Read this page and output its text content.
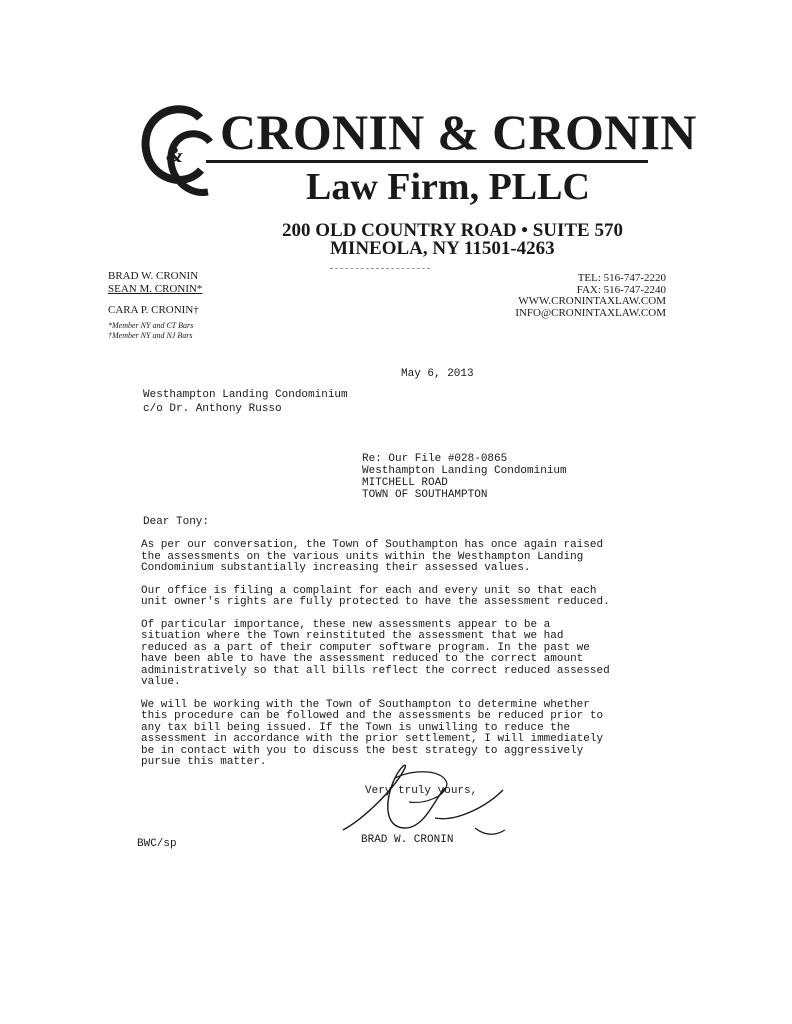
& CRONIN & CRONIN
Law Firm, PLLC
200 OLD COUNTRY ROAD • SUITE 570
MINEOLA, NY 11501-4263
BRAD W. CRONIN
SEAN M. CRONIN*
CARA P. CRONIN†
*Member NY and CT Bars
†Member NY and NJ Bars
TEL: 516-747-2220
FAX: 516-747-2240
WWW.CRONINTAXLAW.COM
INFO@CRONINTAXLAW.COM
May 6, 2013
Westhampton Landing Condominium
c/o Dr. Anthony Russo
Re: Our File #028-0865
Westhampton Landing Condominium
MITCHELL ROAD
TOWN OF SOUTHAMPTON
Dear Tony:

As per our conversation, the Town of Southampton has once again raised the assessments on the various units within the Westhampton Landing Condominium substantially increasing their assessed values.

Our office is filing a complaint for each and every unit so that each unit owner's rights are fully protected to have the assessment reduced.

Of particular importance, these new assessments appear to be a situation where the Town reinstituted the assessment that we had reduced as a part of their computer software program. In the past we have been able to have the assessment reduced to the correct amount administratively so that all bills reflect the correct reduced assessed value.

We will be working with the Town of Southampton to determine whether this procedure can be followed and the assessments be reduced prior to any tax bill being issued. If the Town is unwilling to reduce the assessment in accordance with the prior settlement, I will immediately be in contact with you to discuss the best strategy to aggressively pursue this matter.

Very truly yours,
BRAD W. CRONIN
BWC/sp
